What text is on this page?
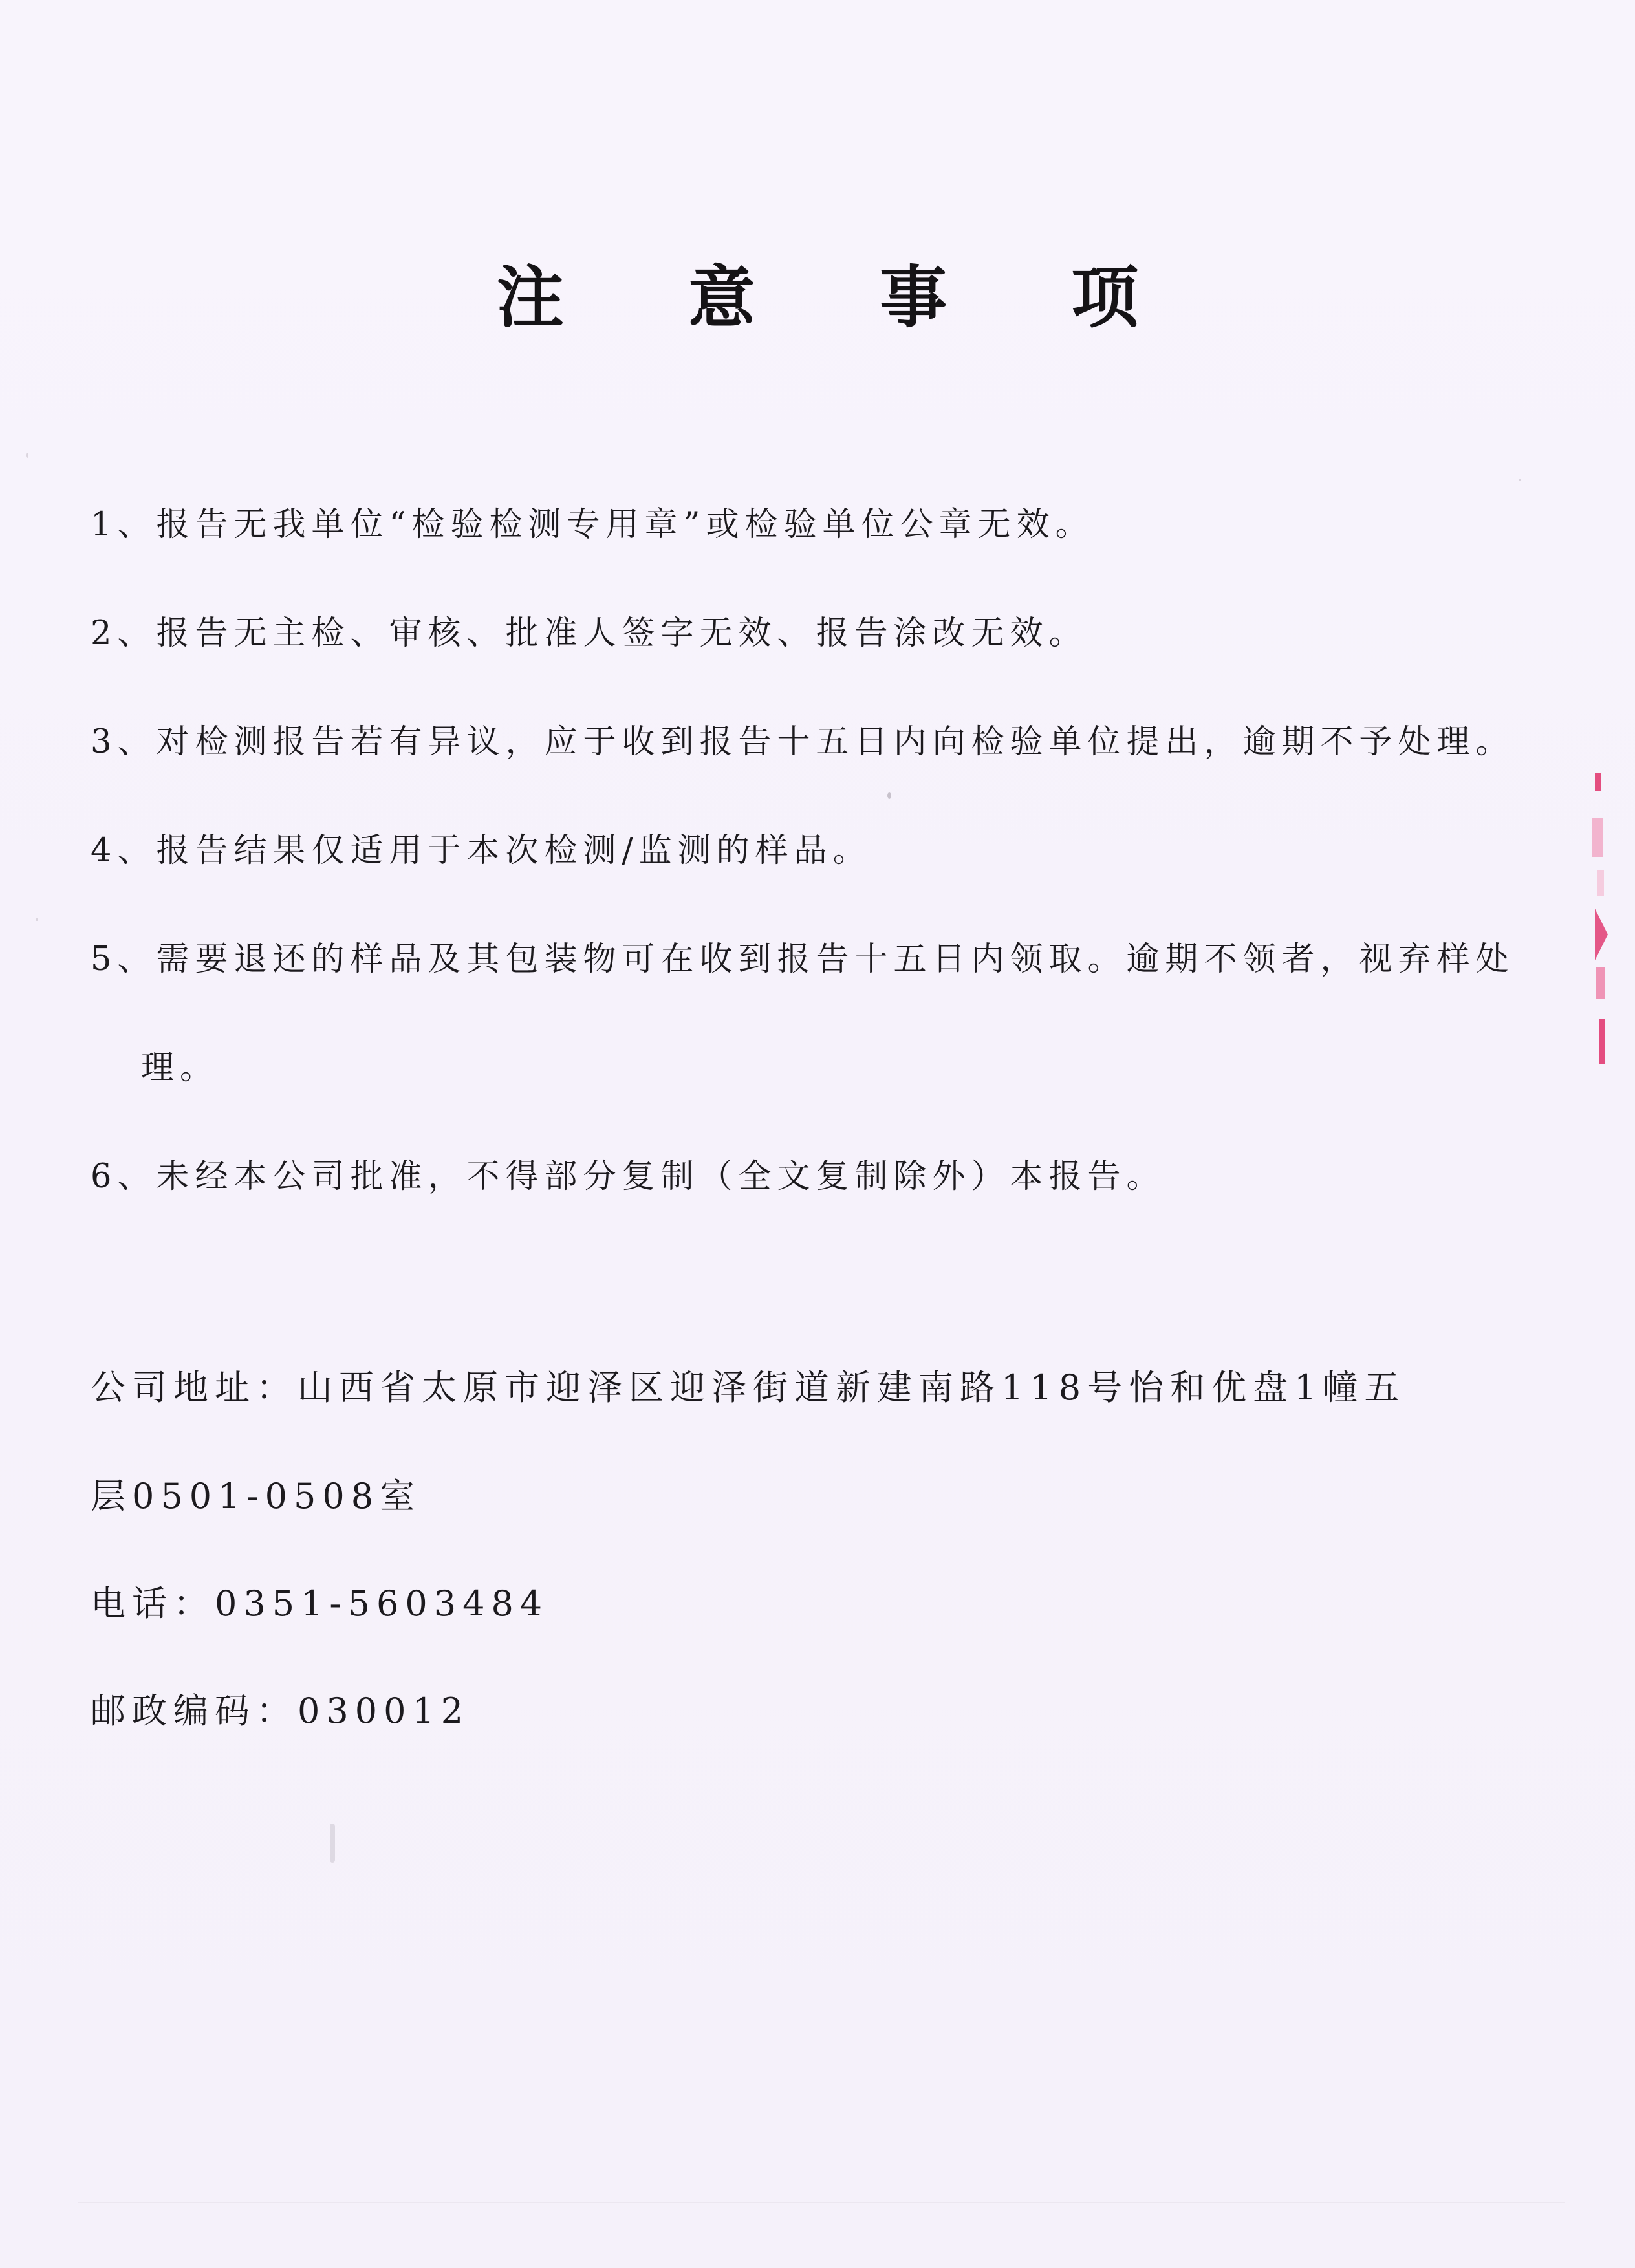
注 意 事 项
1、报告无我单位“检验检测专用章”或检验单位公章无效。
2、报告无主检、审核、批准人签字无效、报告涂改无效。
3、对检测报告若有异议，应于收到报告十五日内向检验单位提出，逾期不予处理。
4、报告结果仅适用于本次检测/监测的样品。
5、需要退还的样品及其包装物可在收到报告十五日内领取。逾期不领者，视弃样处
理。
6、未经本公司批准，不得部分复制（全文复制除外）本报告。
公司地址：山西省太原市迎泽区迎泽街道新建南路118号怡和优盘1幢五
层0501-0508室
电话：0351-5603484
邮政编码：030012
